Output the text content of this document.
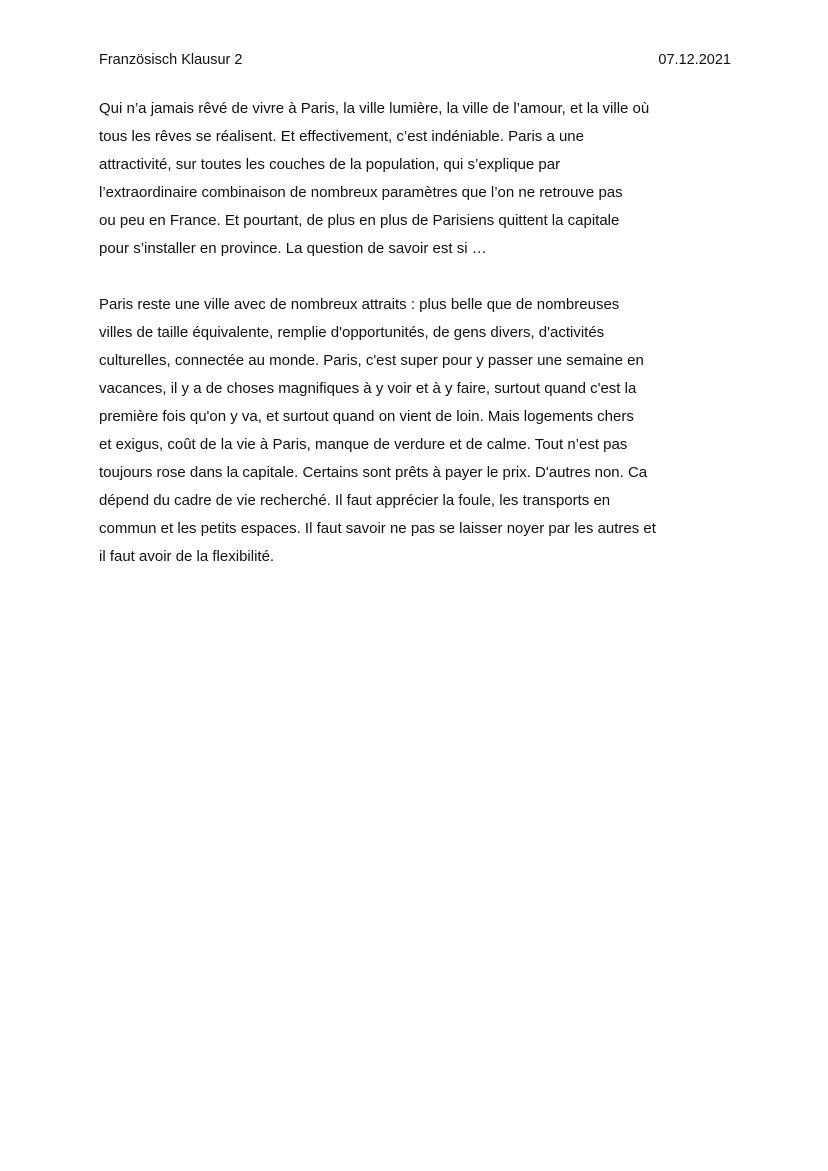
Französisch Klausur 2	07.12.2021

Qui n’a jamais rêvé de vivre à Paris, la ville lumière, la ville de l’amour, et la ville où
tous les rêves se réalisent. Et effectivement, c’est indéniable. Paris a une
attractivité, sur toutes les couches de la population, qui s’explique par
l’extraordinaire combinaison de nombreux paramètres que l’on ne retrouve pas
ou peu en France. Et pourtant, de plus en plus de Parisiens quittent la capitale
pour s’installer en province. La question de savoir est si …

Paris reste une ville avec de nombreux attraits : plus belle que de nombreuses
villes de taille équivalente, remplie d'opportunités, de gens divers, d'activités
culturelles, connectée au monde. Paris, c'est super pour y passer une semaine en
vacances, il y a de choses magnifiques à y voir et à y faire, surtout quand c'est la
première fois qu'on y va, et surtout quand on vient de loin. Mais logements chers
et exigus, coût de la vie à Paris, manque de verdure et de calme. Tout n’est pas
toujours rose dans la capitale. Certains sont prêts à payer le prix. D'autres non. Ca
dépend du cadre de vie recherché. Il faut apprécier la foule, les transports en
commun et les petits espaces. Il faut savoir ne pas se laisser noyer par les autres et
il faut avoir de la flexibilité.
